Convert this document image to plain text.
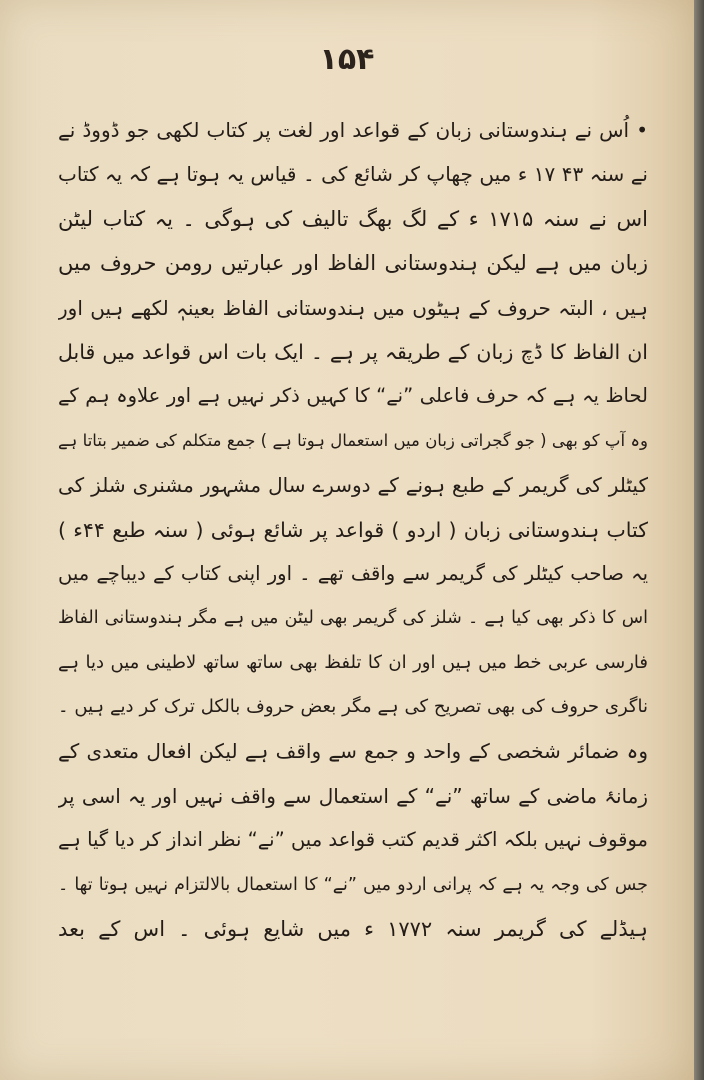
۱۵۴
• اُس نے ہندوستانی زبان کے قواعد اور لغت پر کتاب لکھی جو ڈووڈ نے
نے سنہ ۴۳ ۱۷ ء میں چھاپ کر شائع کی ۔ قیاس یہ ہوتا ہے کہ یہ کتاب
اس نے سنہ ۱۷۱۵ ء کے لگ بھگ تالیف کی ہوگی ۔ یہ کتاب لیٹن
زبان میں ہے لیکن ہندوستانی الفاظ اور عبارتیں رومن حروف میں
ہیں ، البتہ حروف کے ہیٹوں میں ہندوستانی الفاظ بعینہٖ لکھے ہیں اور
ان الفاظ کا ڈچ زبان کے طریقہ پر ہے ۔ ایک بات اس قواعد میں قابل
لحاظ یہ ہے کہ حرف فاعلی ”نے“ کا کہیں ذکر نہیں ہے اور علاوہ ہم کے
وہ آپ کو بھی ( جو گجراتی زبان میں استعمال ہوتا ہے ) جمع متکلم کی ضمیر بتاتا ہے
کیٹلر کی گریمر کے طبع ہونے کے دوسرے سال مشہور مشنری شلز کی
کتاب ہندوستانی زبان ( اردو ) قواعد پر شائع ہوئی ( سنہ طبع ۴۴ء )
یہ صاحب کیٹلر کی گریمر سے واقف تھے ۔ اور اپنی کتاب کے دیباچے میں
اس کا ذکر بھی کیا ہے ۔ شلز کی گریمر بھی لیٹن میں ہے مگر ہندوستانی الفاظ
فارسی عربی خط میں ہیں اور ان کا تلفظ بھی ساتھ ساتھ لاطینی میں دیا ہے
ناگری حروف کی بھی تصریح کی ہے مگر بعض حروف بالکل ترک کر دیے ہیں ۔
وہ ضمائر شخصی کے واحد و جمع سے واقف ہے لیکن افعال متعدی کے
زمانۂ ماضی کے ساتھ ”نے“ کے استعمال سے واقف نہیں اور یہ اسی پر
موقوف نہیں بلکہ اکثر قدیم کتب قواعد میں ”نے“ نظر انداز کر دیا گیا ہے
جس کی وجہ یہ ہے کہ پرانی اردو میں ”نے“ کا استعمال بالالتزام نہیں ہوتا تھا ۔
ہیڈلے کی گریمر سنہ ۱۷۷۲ ء میں شایع ہوئی ۔ اس کے بعد
